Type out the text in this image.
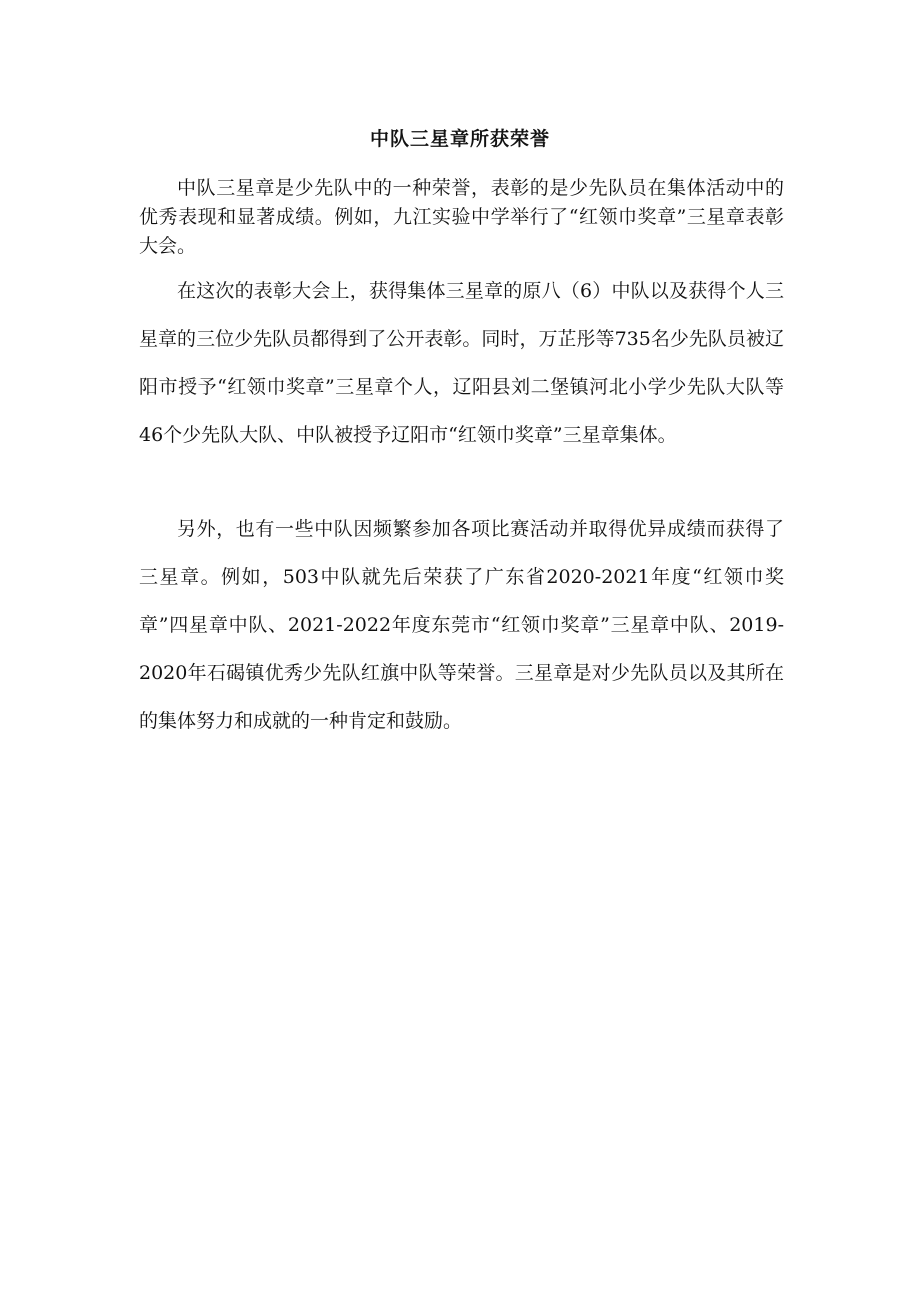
中队三星章所获荣誉

中队三星章是少先队中的一种荣誉，表彰的是少先队员在集体活动中的优秀表现和显著成绩。例如，九江实验中学举行了“红领巾奖章”三星章表彰大会。

在这次的表彰大会上，获得集体三星章的原八（6）中队以及获得个人三星章的三位少先队员都得到了公开表彰。同时，万芷彤等735名少先队员被辽阳市授予“红领巾奖章”三星章个人，辽阳县刘二堡镇河北小学少先队大队等46个少先队大队、中队被授予辽阳市“红领巾奖章”三星章集体。

另外，也有一些中队因频繁参加各项比赛活动并取得优异成绩而获得了三星章。例如，503中队就先后荣获了广东省2020-2021年度“红领巾奖章”四星章中队、2021-2022年度东莞市“红领巾奖章”三星章中队、2019-2020年石碣镇优秀少先队红旗中队等荣誉。三星章是对少先队员以及其所在的集体努力和成就的一种肯定和鼓励。
